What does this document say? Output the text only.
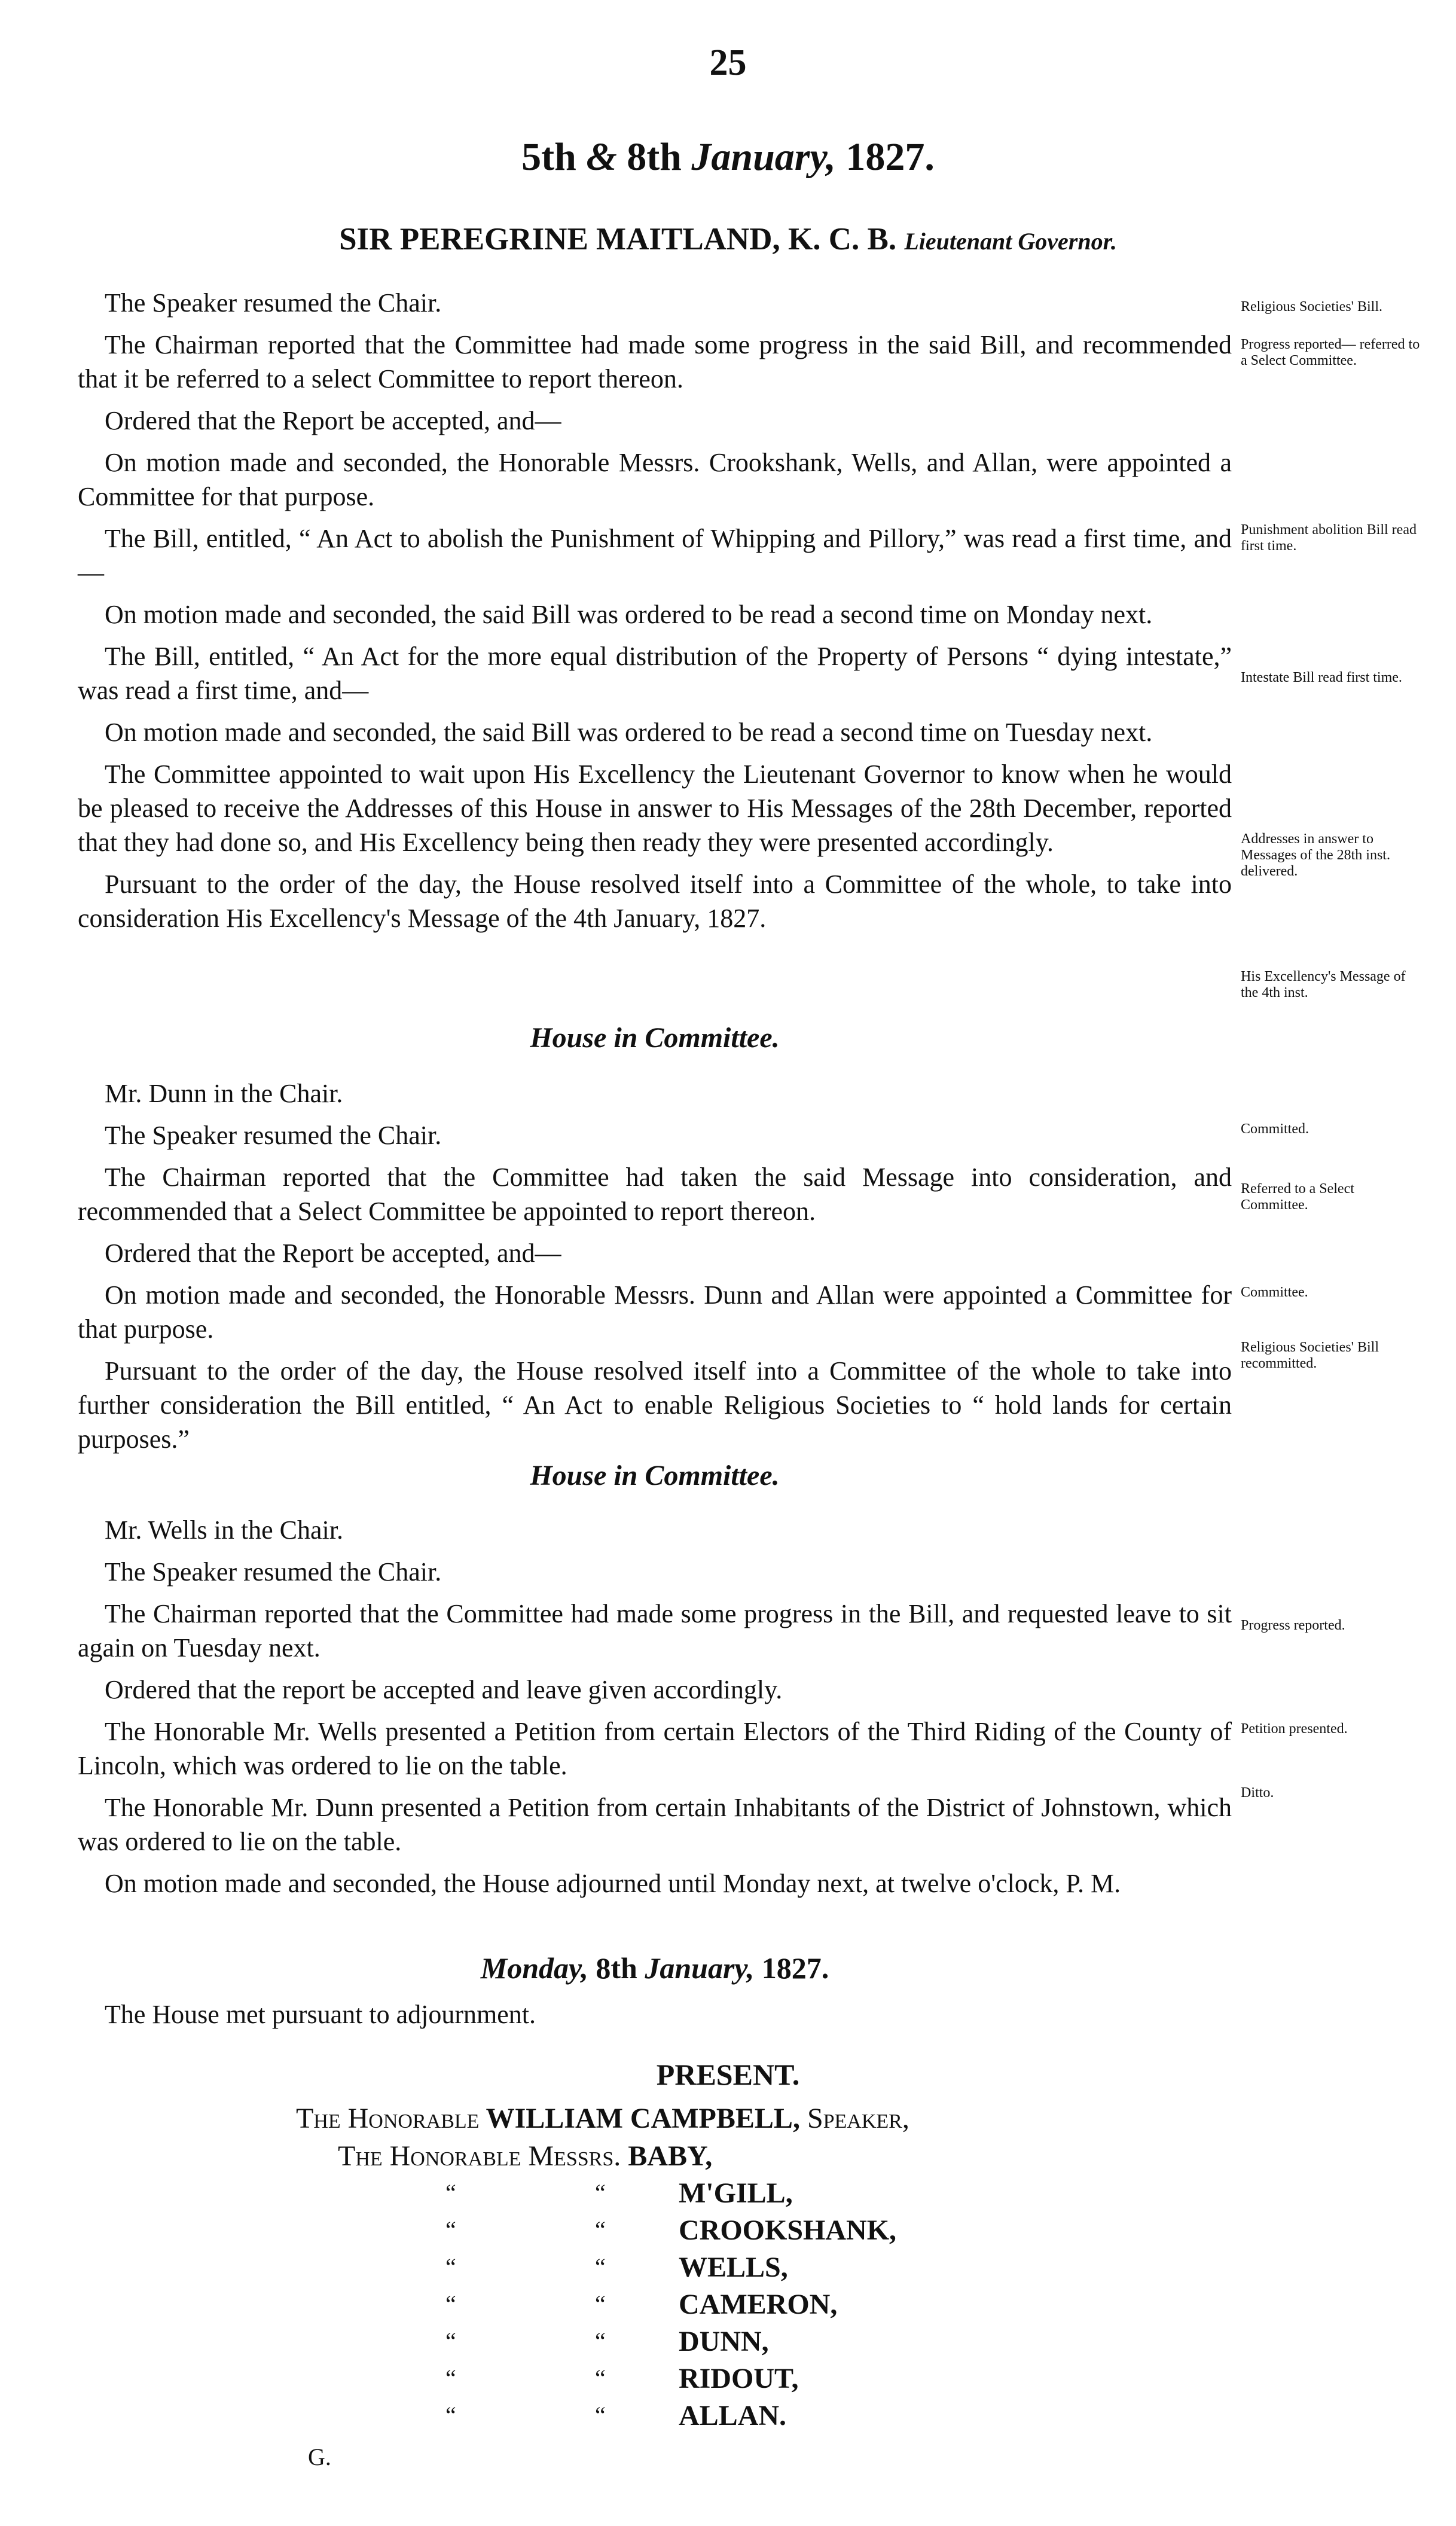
25
5th & 8th January, 1827.
SIR PEREGRINE MAITLAND, K. C. B. Lieutenant Governor.

The Speaker resumed the Chair.

The Chairman reported that the Committee had made some progress in the said Bill, and recommended that it be referred to a select Committee to report thereon.

Ordered that the Report be accepted, and—

On motion made and seconded, the Honorable Messrs. Crookshank, Wells, and Allan, were appointed a Committee for that purpose.

The Bill, entitled, “ An Act to abolish the Punishment of Whipping and Pillory,” was read a first time, and—

On motion made and seconded, the said Bill was ordered to be read a second time on Monday next.

The Bill, entitled, “ An Act for the more equal distribution of the Property of Persons “ dying intestate,” was read a first time, and—

On motion made and seconded, the said Bill was ordered to be read a second time on Tuesday next.

The Committee appointed to wait upon His Excellency the Lieutenant Governor to know when he would be pleased to receive the Addresses of this House in answer to His Messages of the 28th December, reported that they had done so, and His Excellency being then ready they were presented accordingly.

Pursuant to the order of the day, the House resolved itself into a Committee of the whole, to take into consideration His Excellency's Message of the 4th January, 1827.

House in Committee.

Mr. Dunn in the Chair.

The Speaker resumed the Chair.

The Chairman reported that the Committee had taken the said Message into consideration, and recommended that a Select Committee be appointed to report thereon.

Ordered that the Report be accepted, and—

On motion made and seconded, the Honorable Messrs. Dunn and Allan were appointed a Committee for that purpose.

Pursuant to the order of the day, the House resolved itself into a Committee of the whole to take into further consideration the Bill entitled, “ An Act to enable Religious Societies to “ hold lands for certain purposes.”

House in Committee.

Mr. Wells in the Chair.

The Speaker resumed the Chair.

The Chairman reported that the Committee had made some progress in the Bill, and requested leave to sit again on Tuesday next.

Ordered that the report be accepted and leave given accordingly.

The Honorable Mr. Wells presented a Petition from certain Electors of the Third Riding of the County of Lincoln, which was ordered to lie on the table.

The Honorable Mr. Dunn presented a Petition from certain Inhabitants of the District of Johnstown, which was ordered to lie on the table.

On motion made and seconded, the House adjourned until Monday next, at twelve o'clock, P. M.

Monday, 8th January, 1827.

The House met pursuant to adjournment.

PRESENT.
The Honorable WILLIAM CAMPBELL, Speaker,
The Honorable Messrs. BABY,
“	“	M'GILL,
“	“	CROOKSHANK,
“	“	WELLS,
“	“	CAMERON,
“	“	DUNN,
“	“	RIDOUT,
“	“	ALLAN.
G.
Religious Societies' Bill.
Progress reported— referred to a Select Committee.
Punishment abolition Bill read first time.
Intestate Bill read first time.
Addresses in answer to Messages of the 28th inst. delivered.
His Excellency's Message of the 4th inst.
Committed.
Referred to a Select Committee.
Committee.
Religious Societies' Bill recommitted.
Progress reported.
Petition presented.
Ditto.
